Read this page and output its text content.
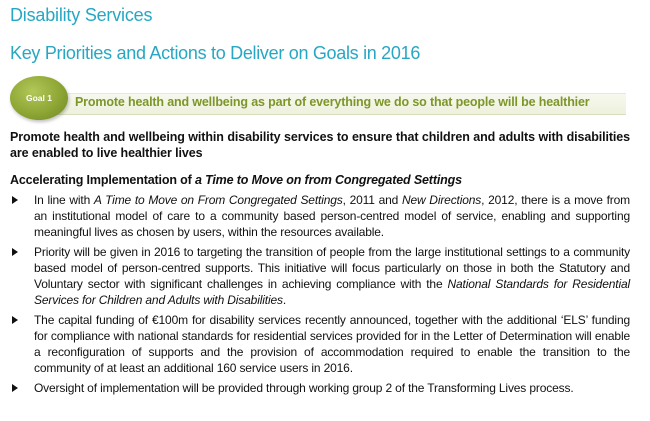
Disability Services
Key Priorities and Actions to Deliver on Goals in 2016
Goal 1 Promote health and wellbeing as part of everything we do so that people will be healthier
Promote health and wellbeing within disability services to ensure that children and adults with disabilities are enabled to live healthier lives
Accelerating Implementation of a Time to Move on from Congregated Settings
In line with A Time to Move on From Congregated Settings, 2011 and New Directions, 2012, there is a move from an institutional model of care to a community based person-centred model of service, enabling and supporting meaningful lives as chosen by users, within the resources available.
Priority will be given in 2016 to targeting the transition of people from the large institutional settings to a community based model of person-centred supports. This initiative will focus particularly on those in both the Statutory and Voluntary sector with significant challenges in achieving compliance with the National Standards for Residential Services for Children and Adults with Disabilities.
The capital funding of €100m for disability services recently announced, together with the additional ‘ELS’ funding for compliance with national standards for residential services provided for in the Letter of Determination will enable a reconfiguration of supports and the provision of accommodation required to enable the transition to the community of at least an additional 160 service users in 2016.
Oversight of implementation will be provided through working group 2 of the Transforming Lives process.
